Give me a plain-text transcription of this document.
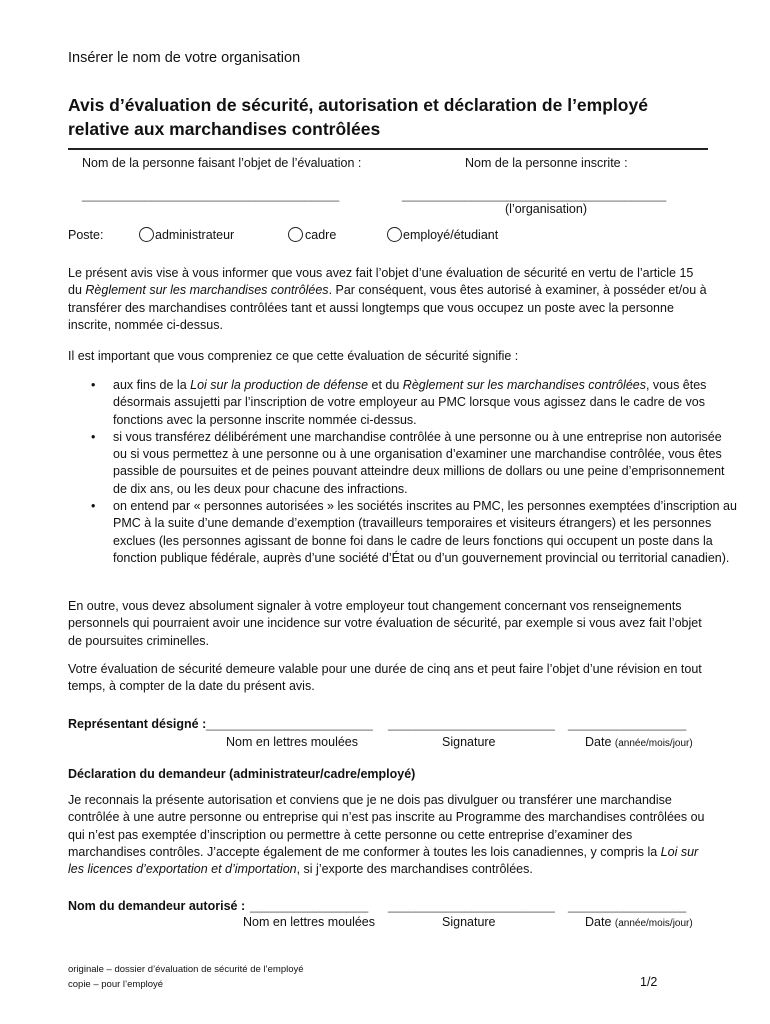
Insérer le nom de votre organisation
Avis d’évaluation de sécurité, autorisation et déclaration de l’employé
relative aux marchandises contrôlées
Nom de la personne faisant l’objet de l’évaluation :	Nom de la personne inscrite :
_____________________________________	______________________________________
(l’organisation)
Poste:	administrateur	cadre	employé/étudiant
Le présent avis vise à vous informer que vous avez fait l’objet d’une évaluation de sécurité en vertu de l’article 15 du Règlement sur les marchandises contrôlées. Par conséquent, vous êtes autorisé à examiner, à posséder et/ou à transférer des marchandises contrôlées tant et aussi longtemps que vous occupez un poste avec la personne inscrite, nommée ci-dessus.
Il est important que vous compreniez ce que cette évaluation de sécurité signifie :
• aux fins de la Loi sur la production de défense et du Règlement sur les marchandises contrôlées, vous êtes désormais assujetti par l’inscription de votre employeur au PMC lorsque vous agissez dans le cadre de vos fonctions avec la personne inscrite nommée ci-dessus.
• si vous transférez délibérément une marchandise contrôlée à une personne ou à une entreprise non autorisée ou si vous permettez à une personne ou à une organisation d’examiner une marchandise contrôlée, vous êtes passible de poursuites et de peines pouvant atteindre deux millions de dollars ou une peine d’emprisonnement de dix ans, ou les deux pour chacune des infractions.
• on entend par « personnes autorisées » les sociétés inscrites au PMC, les personnes exemptées d’inscription au PMC à la suite d’une demande d’exemption (travailleurs temporaires et visiteurs étrangers) et les personnes exclues (les personnes agissant de bonne foi dans le cadre de leurs fonctions qui occupent un poste dans la fonction publique fédérale, auprès d’une société d’État ou d’un gouvernement provincial ou territorial canadien).
En outre, vous devez absolument signaler à votre employeur tout changement concernant vos renseignements personnels qui pourraient avoir une incidence sur votre évaluation de sécurité, par exemple si vous avez fait l’objet de poursuites criminelles.
Votre évaluation de sécurité demeure valable pour une durée de cinq ans et peut faire l’objet d’une révision en tout temps, à compter de la date du présent avis.
Représentant désigné : ________________________ ________________________ _________________
Nom en lettres moulées	Signature	Date (année/mois/jour)
Déclaration du demandeur (administrateur/cadre/employé)
Je reconnais la présente autorisation et conviens que je ne dois pas divulguer ou transférer une marchandise contrôlée à une autre personne ou entreprise qui n’est pas inscrite au Programme des marchandises contrôlées ou qui n’est pas exemptée d’inscription ou permettre à cette personne ou cette entreprise d’examiner des marchandises contrôles. J’accepte également de me conformer à toutes les lois canadiennes, y compris la Loi sur les licences d’exportation et d’importation, si j’exporte des marchandises contrôlées.
Nom du demandeur autorisé : _________________	________________________ _________________
Nom en lettres moulées	Signature	Date (année/mois/jour)
originale – dossier d’évaluation de sécurité de l’employé
copie – pour l’employé	1/2
